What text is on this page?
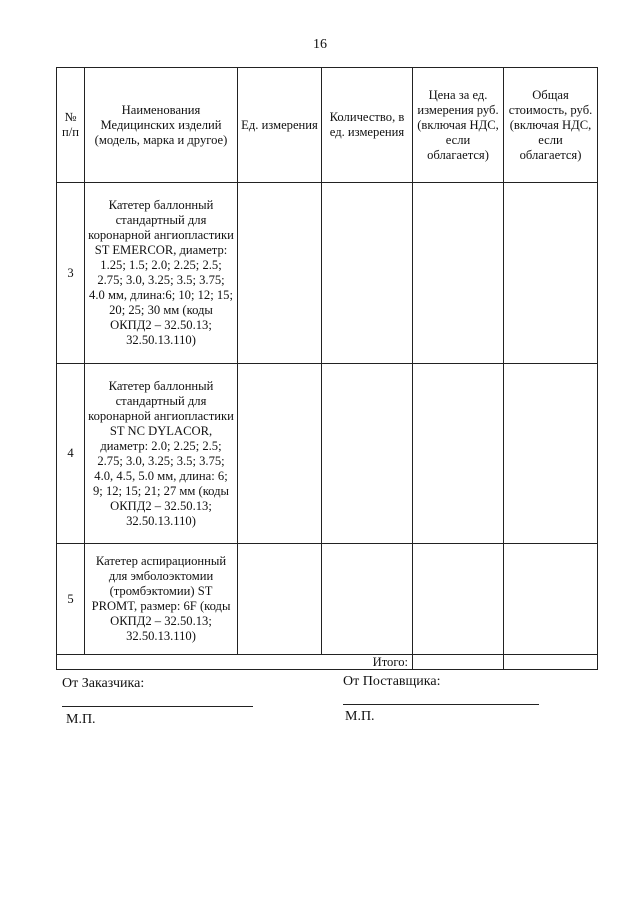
16
№ п/п	Наименования Медицинских изделий (модель, марка и другое)	Ед. измерения	Количество, в ед. измерения	Цена за ед. измерения руб. (включая НДС, если облагается)	Общая стоимость, руб. (включая НДС, если облагается)
3	Катетер баллонный стандартный для коронарной ангиопластики ST EMERCOR, диаметр: 1.25; 1.5; 2.0; 2.25; 2.5; 2.75; 3.0, 3.25; 3.5; 3.75; 4.0 мм, длина:6; 10; 12; 15; 20; 25; 30 мм (коды ОКПД2 – 32.50.13; 32.50.13.110)				
4	Катетер баллонный стандартный для коронарной ангиопластики ST NC DYLACOR, диаметр: 2.0; 2.25; 2.5; 2.75; 3.0, 3.25; 3.5; 3.75; 4.0, 4.5, 5.0 мм, длина: 6; 9; 12; 15; 21; 27 мм (коды ОКПД2 – 32.50.13; 32.50.13.110)				
5	Катетер аспирационный для эмболоэктомии (тромбэктомии) ST PROMT, размер: 6F (коды ОКПД2 – 32.50.13; 32.50.13.110)				
Итого:					
От Заказчика:	От Поставщика:
М.П.	М.П.
